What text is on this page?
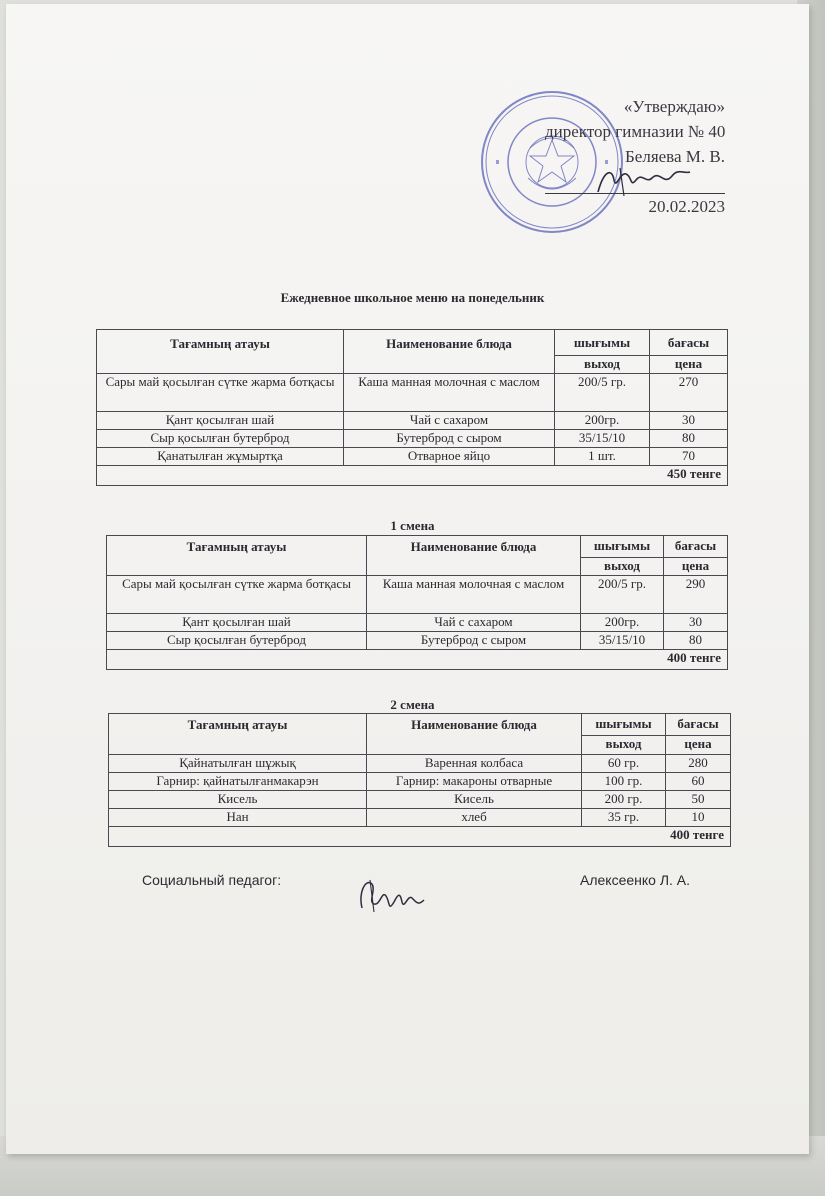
«Утверждаю»
директор гимназии № 40
Беляева М. В.
20.02.2023
Ежедневное школьное меню на понедельник
Тағамның атауы	Наименование блюда	шығымы	бағасы
		выход	цена
Сары май қосылған сүтке жарма ботқасы	Каша манная молочная с маслом	200/5 гр.	270
Қант қосылған шай	Чай с сахаром	200гр.	30
Сыр қосылған бутерброд	Бутерброд с сыром	35/15/10	80
Қанатылған жұмыртқа	Отварное яйцо	1 шт.	70
450 тенге			
1 смена
Тағамның атауы	Наименование блюда	шығымы	бағасы
		выход	цена
Сары май қосылған сүтке жарма ботқасы	Каша манная молочная с маслом	200/5 гр.	290
Қант қосылған шай	Чай с сахаром	200гр.	30
Сыр қосылған бутерброд	Бутерброд с сыром	35/15/10	80
400 тенге			
2 смена
Тағамның атауы	Наименование блюда	шығымы	бағасы
		выход	цена
Қайнатылған шұжық	Варенная колбаса	60 гр.	280
Гарнир: қайнатылғанмакарэн	Гарнир: макароны отварные	100 гр.	60
Кисель	Кисель	200 гр.	50
Нан	хлеб	35 гр.	10
400 тенге			
Социальный педагог:	Алексеенко Л. А.
